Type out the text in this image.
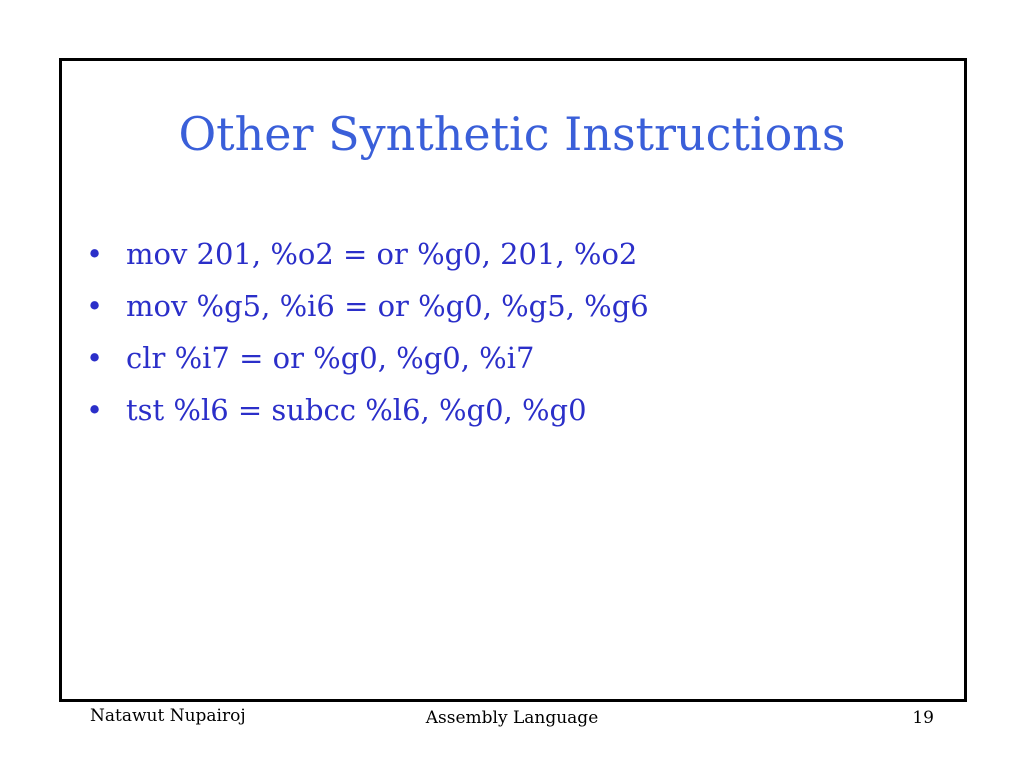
Other Synthetic Instructions
• mov 201, %o2 = or %g0, 201, %o2
• mov %g5, %i6 = or %g0, %g5, %g6
• clr %i7 = or %g0, %g0, %i7
• tst %l6 = subcc %l6, %g0, %g0
Natawut Nupairoj	Assembly Language	19
